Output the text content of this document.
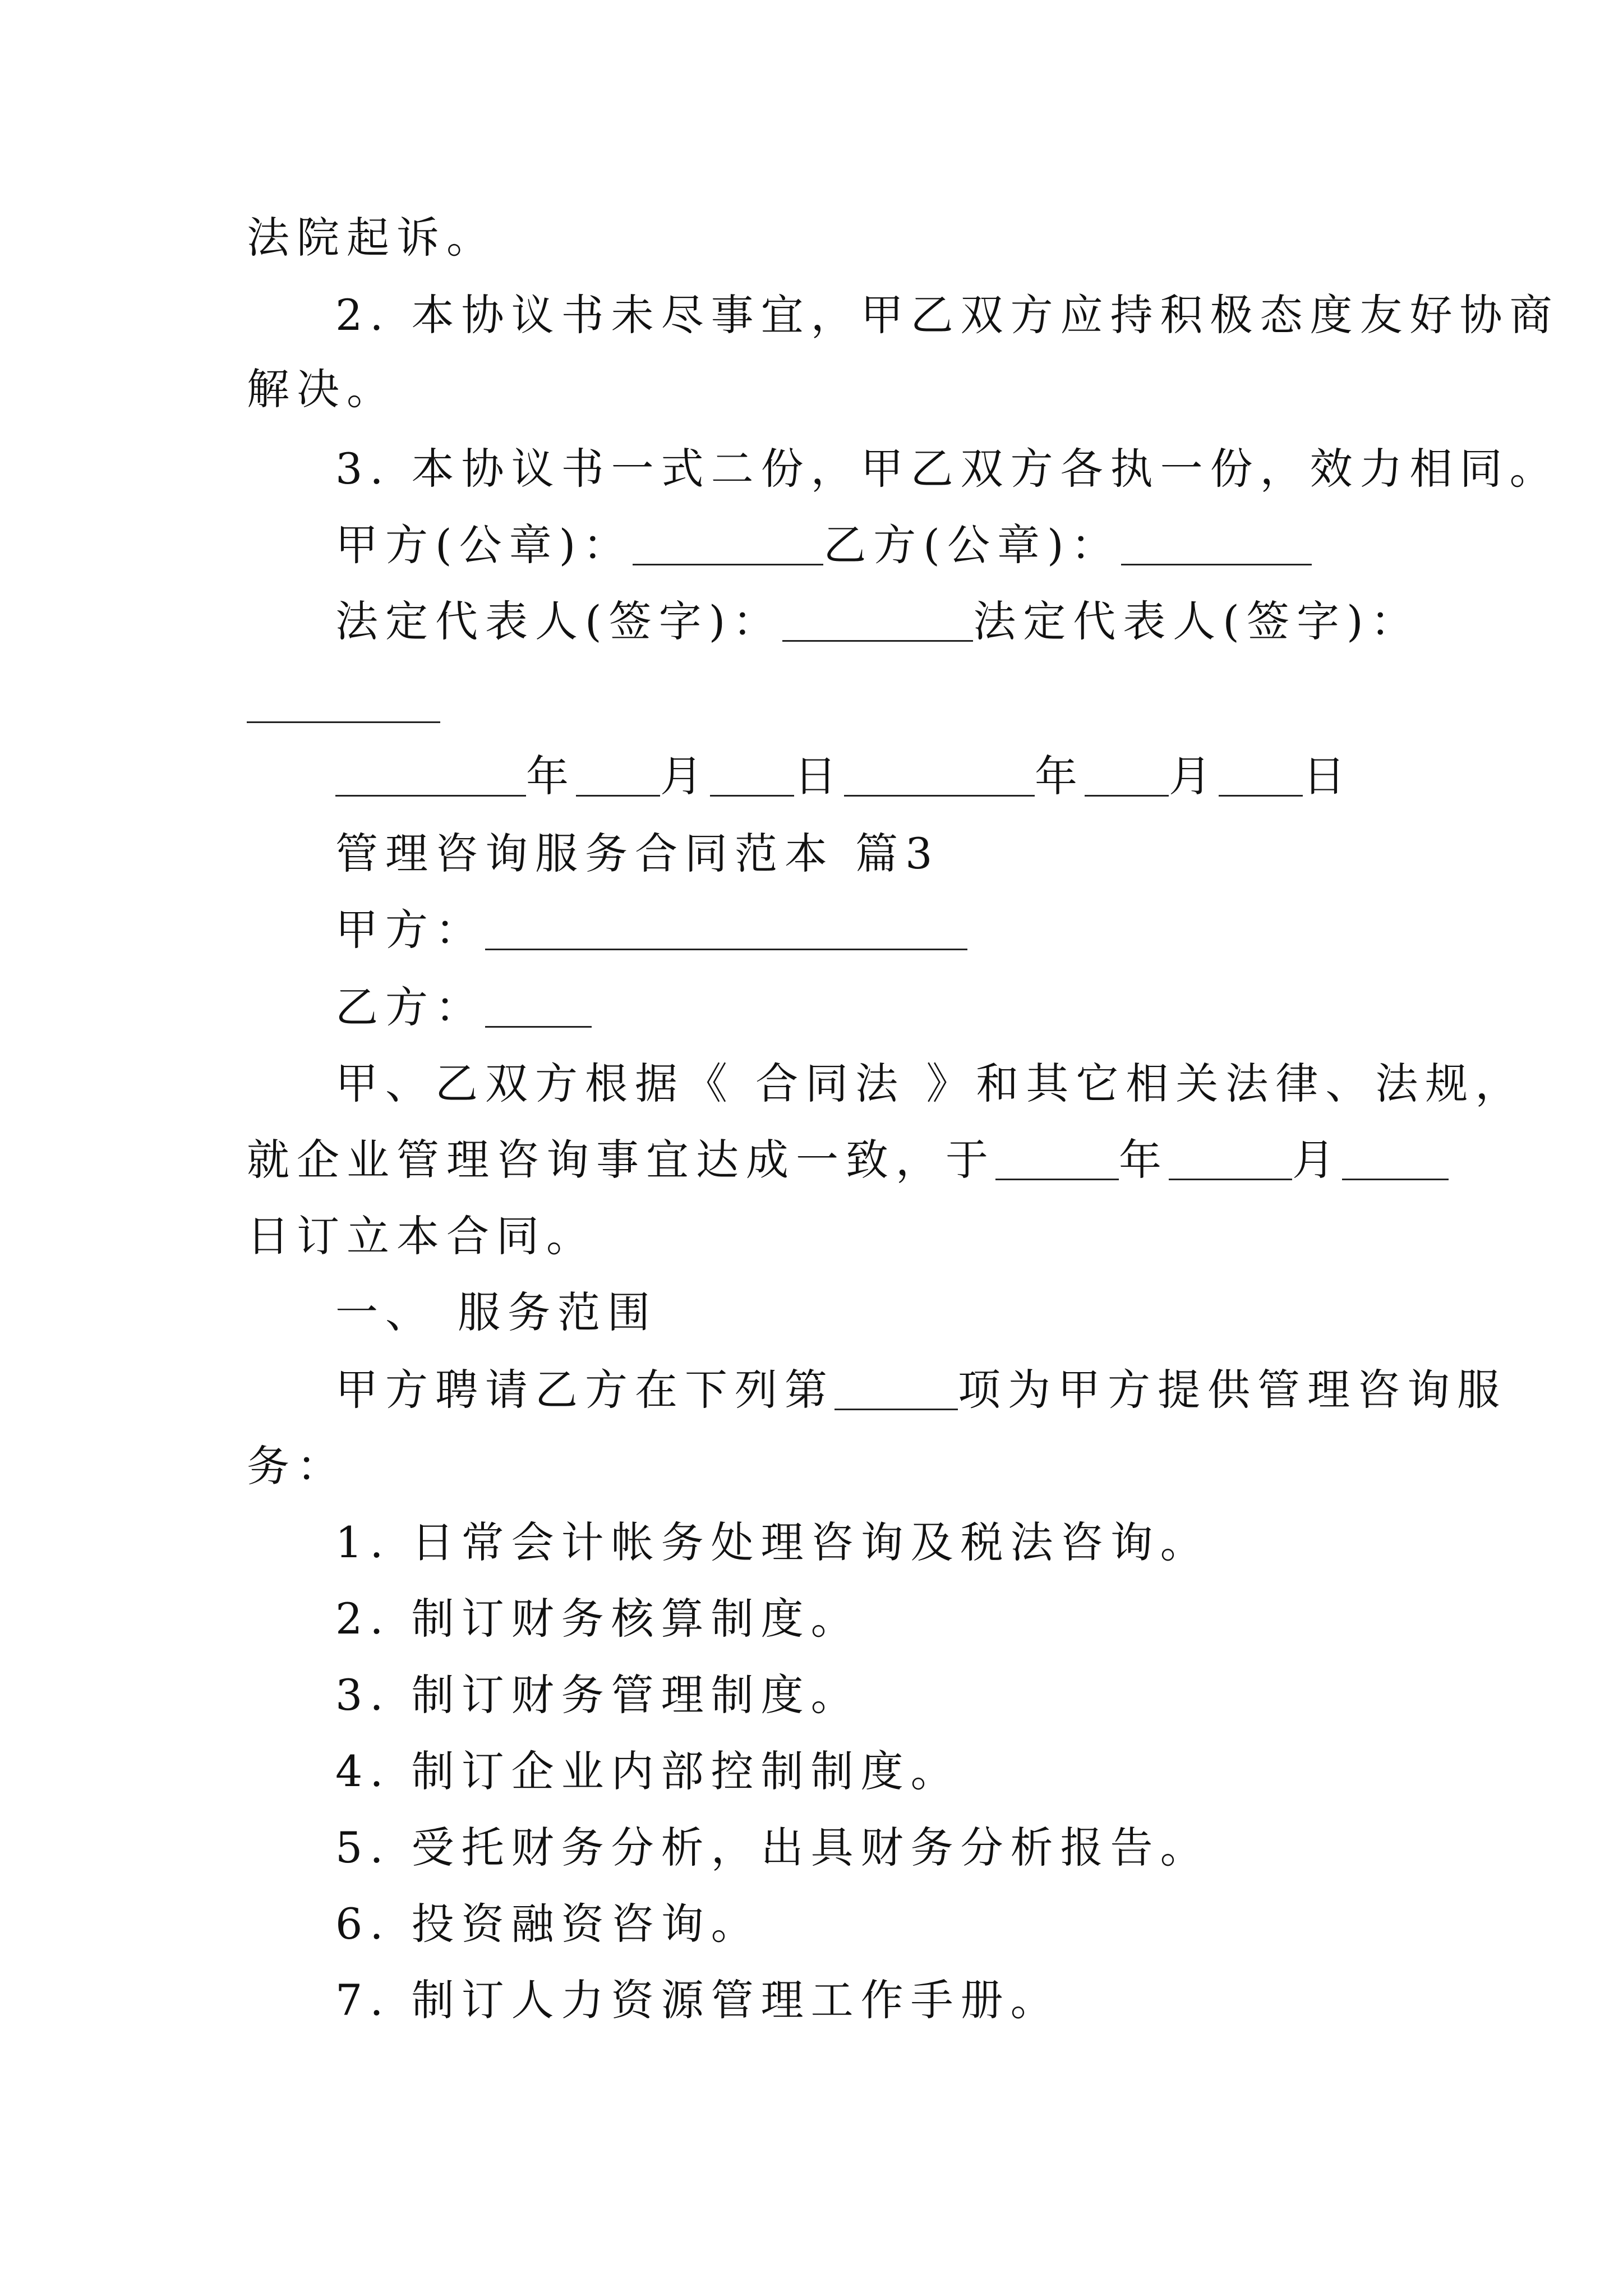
法院起诉。
2. 本协议书未尽事宜，甲乙双方应持积极态度友好协商
解决。
3. 本协议书一式二份，甲乙双方各执一份，效力相同。
甲方(公章)：	乙方(公章)：
法定代表人(签字)：	法定代表人(签字)：
年 月 日	年 月 日
管理咨询服务合同范本 篇3
甲方：
乙方：
甲、乙双方根据《 合同法 》和其它相关法律、法规，
就企业管理咨询事宜达成一致，于	年	月
日订立本合同。
一、 服务范围
甲方聘请乙方在下列第	项为甲方提供管理咨询服
务：
1. 日常会计帐务处理咨询及税法咨询。
2. 制订财务核算制度。
3. 制订财务管理制度。
4. 制订企业内部控制制度。
5. 受托财务分析，出具财务分析报告。
6. 投资融资咨询。
7. 制订人力资源管理工作手册。
